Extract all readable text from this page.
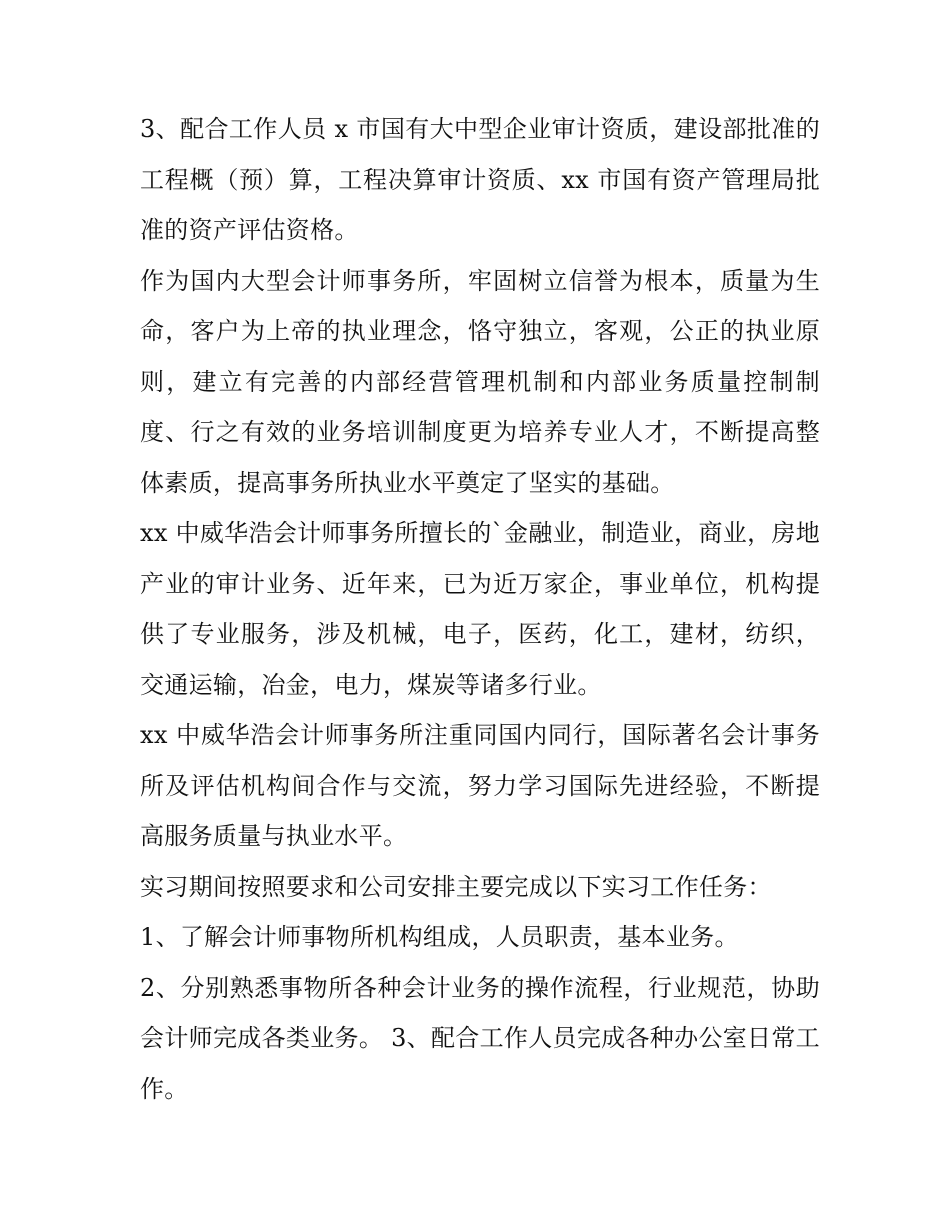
3、配合工作人员 x 市国有大中型企业审计资质，建设部批准的工程概（预）算，工程决算审计资质、xx 市国有资产管理局批准的资产评估资格。

作为国内大型会计师事务所，牢固树立信誉为根本，质量为生命，客户为上帝的执业理念，恪守独立，客观，公正的执业原则，建立有完善的内部经营管理机制和内部业务质量控制制度、行之有效的业务培训制度更为培养专业人才，不断提高整体素质，提高事务所执业水平奠定了坚实的基础。

xx 中威华浩会计师事务所擅长的`金融业，制造业，商业，房地产业的审计业务、近年来，已为近万家企，事业单位，机构提供了专业服务，涉及机械，电子，医药，化工，建材，纺织，交通运输，冶金，电力，煤炭等诸多行业。

xx 中威华浩会计师事务所注重同国内同行，国际著名会计事务所及评估机构间合作与交流，努力学习国际先进经验，不断提高服务质量与执业水平。

实习期间按照要求和公司安排主要完成以下实习工作任务：

1、了解会计师事物所机构组成，人员职责，基本业务。

2、分别熟悉事物所各种会计业务的操作流程，行业规范，协助会计师完成各类业务。 3、配合工作人员完成各种办公室日常工作。
